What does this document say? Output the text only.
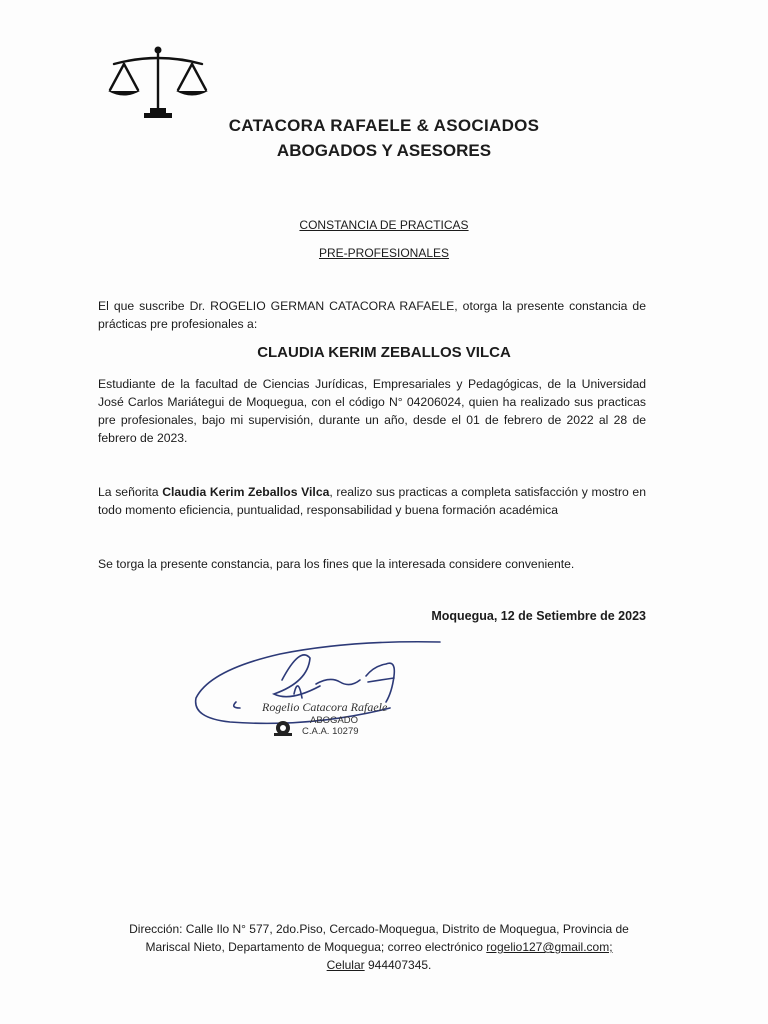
CATACORA RAFAELE & ASOCIADOS
ABOGADOS Y ASESORES
CONSTANCIA DE PRACTICAS
PRE-PROFESIONALES
El que suscribe Dr. ROGELIO GERMAN CATACORA RAFAELE, otorga la presente constancia de prácticas pre profesionales a:
CLAUDIA KERIM ZEBALLOS VILCA
Estudiante de la facultad de Ciencias Jurídicas, Empresariales y Pedagógicas, de la Universidad José Carlos Mariátegui de Moquegua, con el código N° 04206024, quien ha realizado sus practicas pre profesionales, bajo mi supervisión, durante un año, desde el 01 de febrero de 2022 al 28 de febrero de 2023.
La señorita Claudia Kerim Zeballos Vilca, realizo sus practicas a completa satisfacción y mostro en todo momento eficiencia, puntualidad, responsabilidad y buena formación académica
Se torga la presente constancia, para los fines que la interesada considere conveniente.
Moquegua, 12 de Setiembre de 2023
Rogelio Catacora Rafaele
ABOGADO
C.A.A. 10279
Dirección: Calle Ilo N° 577, 2do.Piso, Cercado-Moquegua, Distrito de Moquegua, Provincia de
Mariscal Nieto, Departamento de Moquegua; correo electrónico rogelio127@gmail.com;
Celular 944407345.
